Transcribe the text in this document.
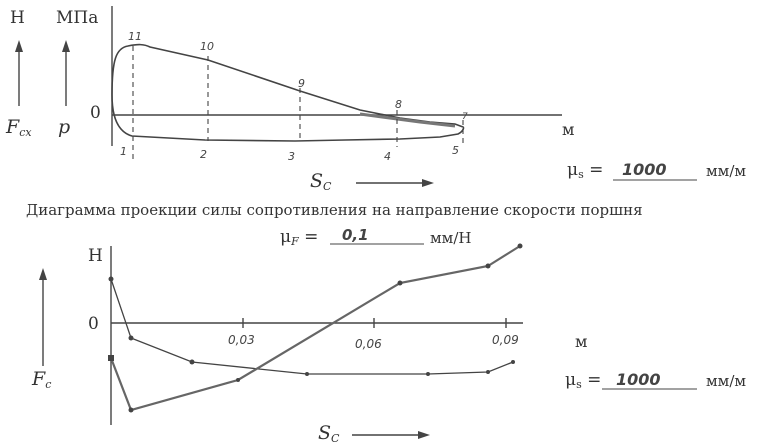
Н МПа
$F_{сх}$ p
0
м
$S_C$
11
10
9
8
7
1	2	3	4	5
$\mu_s = 1000$	мм/м
Диаграмма проекции силы сопротивления на направление скорости поршня
$\mu_F = 0,1$	мм/Н
Н
0
$F_c$
м
0,03	0,06	0,09
$S_C$
$\mu_s = 1000$	мм/м
